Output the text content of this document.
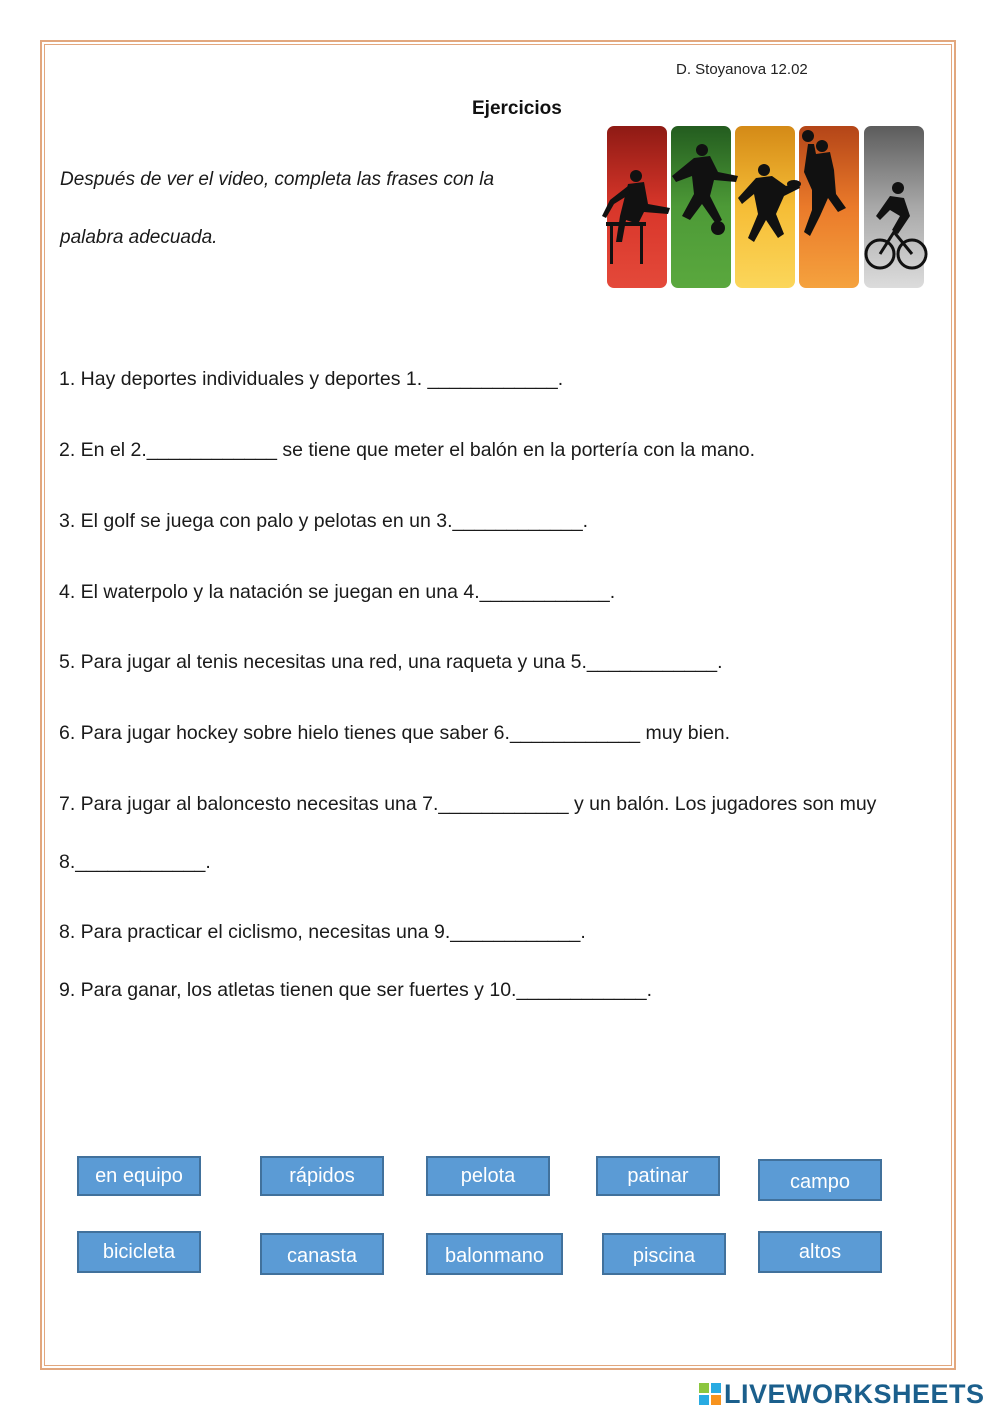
D. Stoyanova 12.02
Ejercicios
Después de ver el video, completa las frases con la
palabra adecuada.
1. Hay deportes individuales y deportes 1. ____________.
2. En el 2.____________ se tiene que meter el balón en la portería con la mano.
3. El golf se juega con palo y pelotas en un 3.____________.
4. El waterpolo y la natación se juegan en una 4.____________.
5. Para jugar al tenis necesitas una red, una raqueta y una 5.____________.
6. Para jugar hockey sobre hielo tienes que saber 6.____________ muy bien.
7. Para jugar al baloncesto necesitas una 7.____________ y un balón. Los jugadores son muy
8.____________.
8. Para practicar el ciclismo, necesitas una 9.____________.
9. Para ganar, los atletas tienen que ser fuertes y 10.____________.
en equipo	rápidos	pelota	patinar	campo
bicicleta	canasta	balonmano	piscina	altos
LIVEWORKSHEETS
